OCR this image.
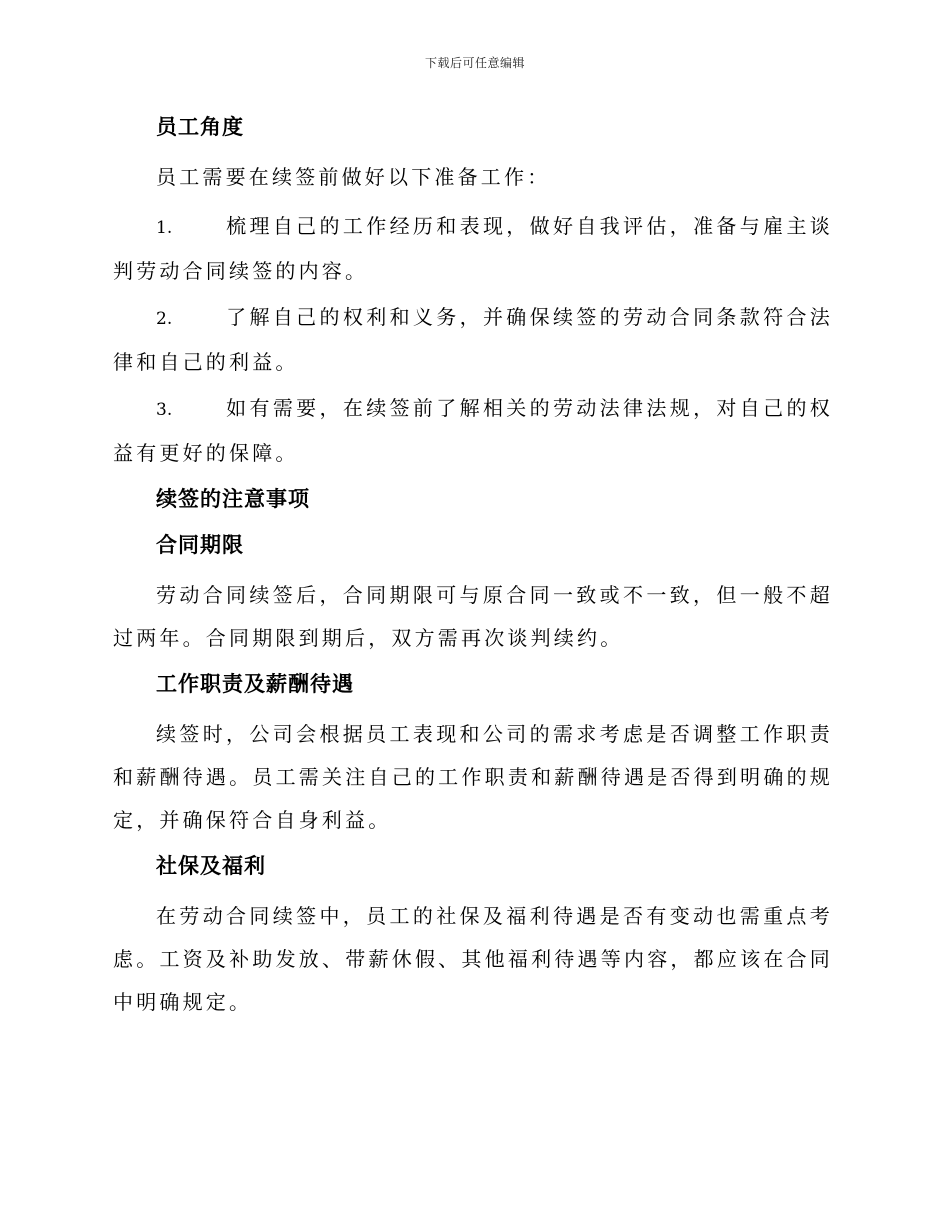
下载后可任意编辑
员工角度

员工需要在续签前做好以下准备工作：

1.	梳理自己的工作经历和表现，做好自我评估，准备与雇主谈判劳动合同续签的内容。

2.	了解自己的权利和义务，并确保续签的劳动合同条款符合法律和自己的利益。

3.	如有需要，在续签前了解相关的劳动法律法规，对自己的权益有更好的保障。

续签的注意事项
合同期限

劳动合同续签后，合同期限可与原合同一致或不一致，但一般不超过两年。合同期限到期后，双方需再次谈判续约。

工作职责及薪酬待遇

续签时，公司会根据员工表现和公司的需求考虑是否调整工作职责和薪酬待遇。员工需关注自己的工作职责和薪酬待遇是否得到明确的规定，并确保符合自身利益。

社保及福利

在劳动合同续签中，员工的社保及福利待遇是否有变动也需重点考虑。工资及补助发放、带薪休假、其他福利待遇等内容，都应该在合同中明确规定。
